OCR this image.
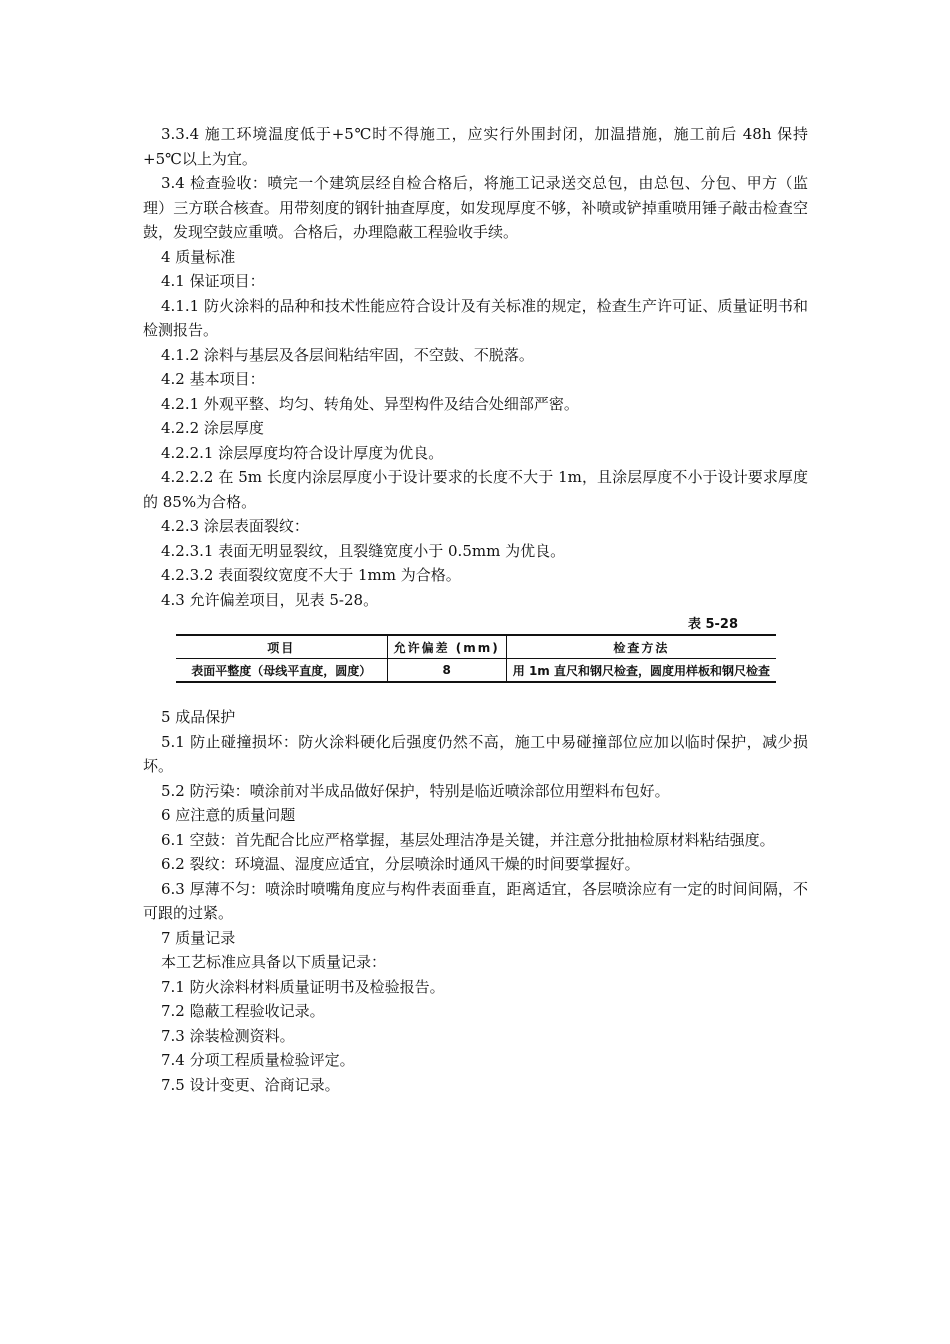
3.3.4 施工环境温度低于+5℃时不得施工，应实行外围封闭，加温措施，施工前后 48h 保持+5℃以上为宜。

3.4 检查验收：喷完一个建筑层经自检合格后，将施工记录送交总包，由总包、分包、甲方（监理）三方联合核查。用带刻度的钢针抽查厚度，如发现厚度不够，补喷或铲掉重喷用锤子敲击检查空鼓，发现空鼓应重喷。合格后，办理隐蔽工程验收手续。

4 质量标准

4.1 保证项目：

4.1.1 防火涂料的品种和技术性能应符合设计及有关标准的规定，检查生产许可证、质量证明书和检测报告。

4.1.2 涂料与基层及各层间粘结牢固，不空鼓、不脱落。

4.2 基本项目：

4.2.1 外观平整、均匀、转角处、异型构件及结合处细部严密。

4.2.2 涂层厚度

4.2.2.1 涂层厚度均符合设计厚度为优良。

4.2.2.2 在 5m 长度内涂层厚度小于设计要求的长度不大于 1m，且涂层厚度不小于设计要求厚度的 85%为合格。

4.2.3 涂层表面裂纹：

4.2.3.1 表面无明显裂纹，且裂缝宽度小于 0.5mm 为优良。

4.2.3.2 表面裂纹宽度不大于 1mm 为合格。

4.3 允许偏差项目，见表 5-28。

表 5-28
项目	允许偏差 (mm)	检查方法
表面平整度（母线平直度，圆度）	8	用 1m 直尺和钢尺检查，圆度用样板和钢尺检查

5 成品保护

5.1 防止碰撞损坏：防火涂料硬化后强度仍然不高，施工中易碰撞部位应加以临时保护，减少损坏。

5.2 防污染：喷涂前对半成品做好保护，特别是临近喷涂部位用塑料布包好。

6 应注意的质量问题

6.1 空鼓：首先配合比应严格掌握，基层处理洁净是关键，并注意分批抽检原材料粘结强度。

6.2 裂纹：环境温、湿度应适宜，分层喷涂时通风干燥的时间要掌握好。

6.3 厚薄不匀：喷涂时喷嘴角度应与构件表面垂直，距离适宜，各层喷涂应有一定的时间间隔，不可跟的过紧。

7 质量记录

本工艺标准应具备以下质量记录：

7.1 防火涂料材料质量证明书及检验报告。

7.2 隐蔽工程验收记录。

7.3 涂装检测资料。

7.4 分项工程质量检验评定。

7.5 设计变更、洽商记录。
